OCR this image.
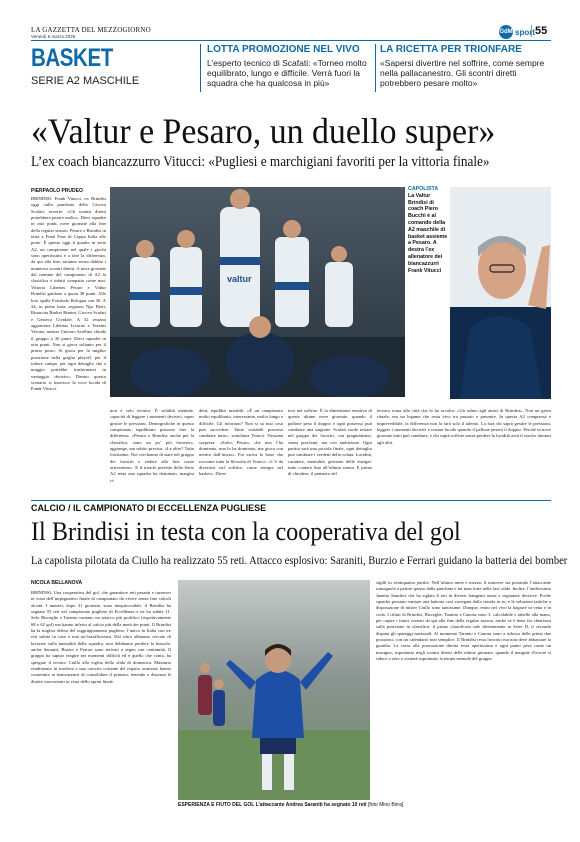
LA GAZZETTA DEL MEZZOGIORNO
Venerdì 6 marzo 2026
BASKET
SERIE A2 MASCHILE
LOTTA PROMOZIONE NEL VIVO
L’esperto tecnico di Scafati: «Torneo molto equilibrato, lungo e difficile. Verrà fuori la squadra che ha qualcosa in più»
LA RICETTA PER TRIONFARE
«Sapersi divertire nel soffrire, come sempre nella pallacanestro. Gli scontri diretti potrebbero pesare molto»
GdM sport 55
«Valtur e Pesaro, un duello super»
L’ex coach biancazzurro Vitucci: «Pugliesi e marchigiani favoriti per la vittoria finale»
PIERPAOLO PRUDEO
BRINDISI. Frank Vitucci, ex Brindisi oggi sulla panchina della Givova Scafati, avverte: «Gli scontri diretti potrebbero pesare molto». Dieci squadre in otto punti, nove giornate alla fine della regular season, Pesaro e Brindisi in testa a Final Four di Coppa Italia alle porte. È questo oggi il quadro in serie A2, un campionato nel quale i giochi sono apertissimi e a fare la differenza, da qui alla fine, saranno senza dubbio i numerosi scontri diretti. A nove giornate dal termine del campionato di A2 la classifica è infatti compatta come mai. Vittoria Libertas Pesaro e Valtur Brindisi guidano a quota 38 punti. Alle loro spalle Fortitudo Bologna con 36. A 34, in piena lotta, seguono Npc Rieti, Rinascita Basket Rimini, Givova Scafati e Gesteco Cividale. A 32 restano agganciate Libertas Livorno e Tezenis Verona, mentre Unieuro Avellino chiude il gruppo a 30 punti. Dieci squadre in otto punti. Non si gioca soltanto per il primo posto. Si gioca per la miglior posizione nella griglia playoff, per il fattore campo, per ogni dettaglio che a maggio potrebbe trasformarsi in vantaggio decisivo. Dentro questo scenario si inserisce la voce lucida di Frank Vitucci.
valtur
CAPOLISTA
La Valtur Brindisi di coach Piero Bucchi è al comando della A2 maschile di basket assieme a Pesaro. A destra l’ex allenatore dei biancazzurri Frank Vitucci
non è solo tecnica. È solidità mentale, capacità di leggere i momenti decisivi, saper gestire le pressioni. Demografiche in questo campionato equilibrato possono fare la differenza. «Pesaro e Brindisi, anche per la classifica, sono un po’ più favorite», aggiunge, ma subito precisa: «Le altre? Tutte fortissime. Noi cerchiamo di stare nel gruppo dei favoriti e vedere alla fine come arriveremo». E il trionfo perfetto della Serie A2 resta una squadra ha dominato, margini ri-
detti, equilibri instabili. «È un campionato molto equilibrato, interessante, molto lungo e difficile. Gli infortuni? Non si sa mai cosa può succedere. Tante variabili possono cambiare tutto», sottolinea Vitucci. Nessuna sorpresa: «Salvo Pesaro, che non l’ha dominato, non lo ha dominato, ma gioca con merito dall’inizio». Poi arriva la frase che racconta tutta la filosofia di Vitucci: «C’è da divertirsi nel soffrire, come sempre nel basket». Diver-
tirsi nel soffrire. È la dimensione emotiva di queste ultime nove giornate, quando il pallone pesa il doppio e ogni possesso può cambiare una stagione. Scafati vuole restare nel gruppo dei favoriti, con pragmatismo, senza proclami, ma con ambizione. Ogni partita sarà una piccola finale, ogni dettaglio può cambiare i verdetti della volata. Lucidità, carattere, mentalità, gestione delle energie: tutto conterà fino all’ultima sirena. E prima di chiudere, il pensiero del
tecnico torna alla città che lo ha accolto: «Un saluto agli amici di Brindisi». Non un gesto rituale, ma un legame che resta vivo tra passato e presente. In questa A2 compressa e imprevedibile, la differenza non la farà solo il talento. La farà chi saprà gestire le pressioni, leggere i momenti decisivi e restare lucido quando il pallone peserà il doppio. Perché in nove giornate tutto può cambiare, e chi saprà soffrire senza perdere la lucidità avrà il sorriso davanti agli altri.
CALCIO / IL CAMPIONATO DI ECCELLENZA PUGLIESE
Il Brindisi in testa con la cooperativa del gol
La capolista pilotata da Ciullo ha realizzato 55 reti. Attacco esplosivo: Saraniti, Burzio e Ferrari guidano la batteria dei bomber
NICOLA BELLANOVA
BRINDISI. Una cooperativa del gol, che garantisce reti pesanti e turnover in vista dell’impegnativo finale di campionato da vivere senza fare calcoli alcuni. I numeri, dopo 31 giornate, sono inequivocabili: il Brindisi ha segnato 55 reti nel campionato pugliese di Eccellenza e ne ha subite 11. Solo Bisceglie e Taranto vantano un attacco più prolifico (rispettivamente 68 e 62 gol) ma hanno inferto al calcio più della metà dei punti. Il Brindisi ha la miglior difesa del raggruppamento pugliese, l’unico in Italia con tre reti subite in casa e mai un’insufficienza. Dal ritiro abbiamo cercato di lavorare sulla mentalità della squadra, non dobbiamo perdere la bussola: anche Saraniti, Burzio e Ferrari sono arrivati a segno con continuità. Il gruppo ha saputo reagire nei momenti difficili ed è quello che conta, ha spiegato il tecnico Ciullo alla vigilia della sfida di domenica. Massimo rendimento in trasferta e una crescita costante del reparto avanzato hanno consentito ai biancazzurri di consolidare il primato, tenendo a distanza le dirette concorrenti in vista dello sprint finale.
ESPERIENZA E FIUTO DEL GOL L’attaccante Andrea Saraniti ha segnato 10 reti [foto Mino Birra]
sigilli in ventiquattro partite. Nell’ultimo mese e mezzo, il turnover sta portando l’attaccante romagnolo a partire spesso dalla panchina e far man forte nelle fasi calde. Inoltre, l’undicesimo Juanito Sanchez che ha siglato 6 reti in diversi frangenti assist e segnature decisive. Poche squadre possono vantare una batteria così variegata dalla cintola in su, e le soluzioni tattiche a disposizione di mister Ciullo sono tantissime. Dunque, entro nel vivo la bagarre in vetta e in coda. I rifiuti di Brindisi, Bisceglie, Taranto e Canosa sono 3, calcolabile e tabelle alla mano, per capire i futuri scenari da qui alla fine della regular season, anche se è bene far chiarezza sulla posizione in classifica: il primo classificato sale direttamente in Serie D, il secondo disputa gli spareggi nazionali. Al momento Taranto e Canosa sono a ridosso delle prime due posizioni, con un calendario non semplice. Il Brindisi resta favorito ma non deve abbassare la guardia. La corsa alla promozione diretta resta apertissima e ogni punto pesa come un macigno, soprattutto negli scontri diretti delle ultime giornate, quando il margine d’errore si riduce a zero e conterà soprattutto la tenuta mentale del gruppo.
